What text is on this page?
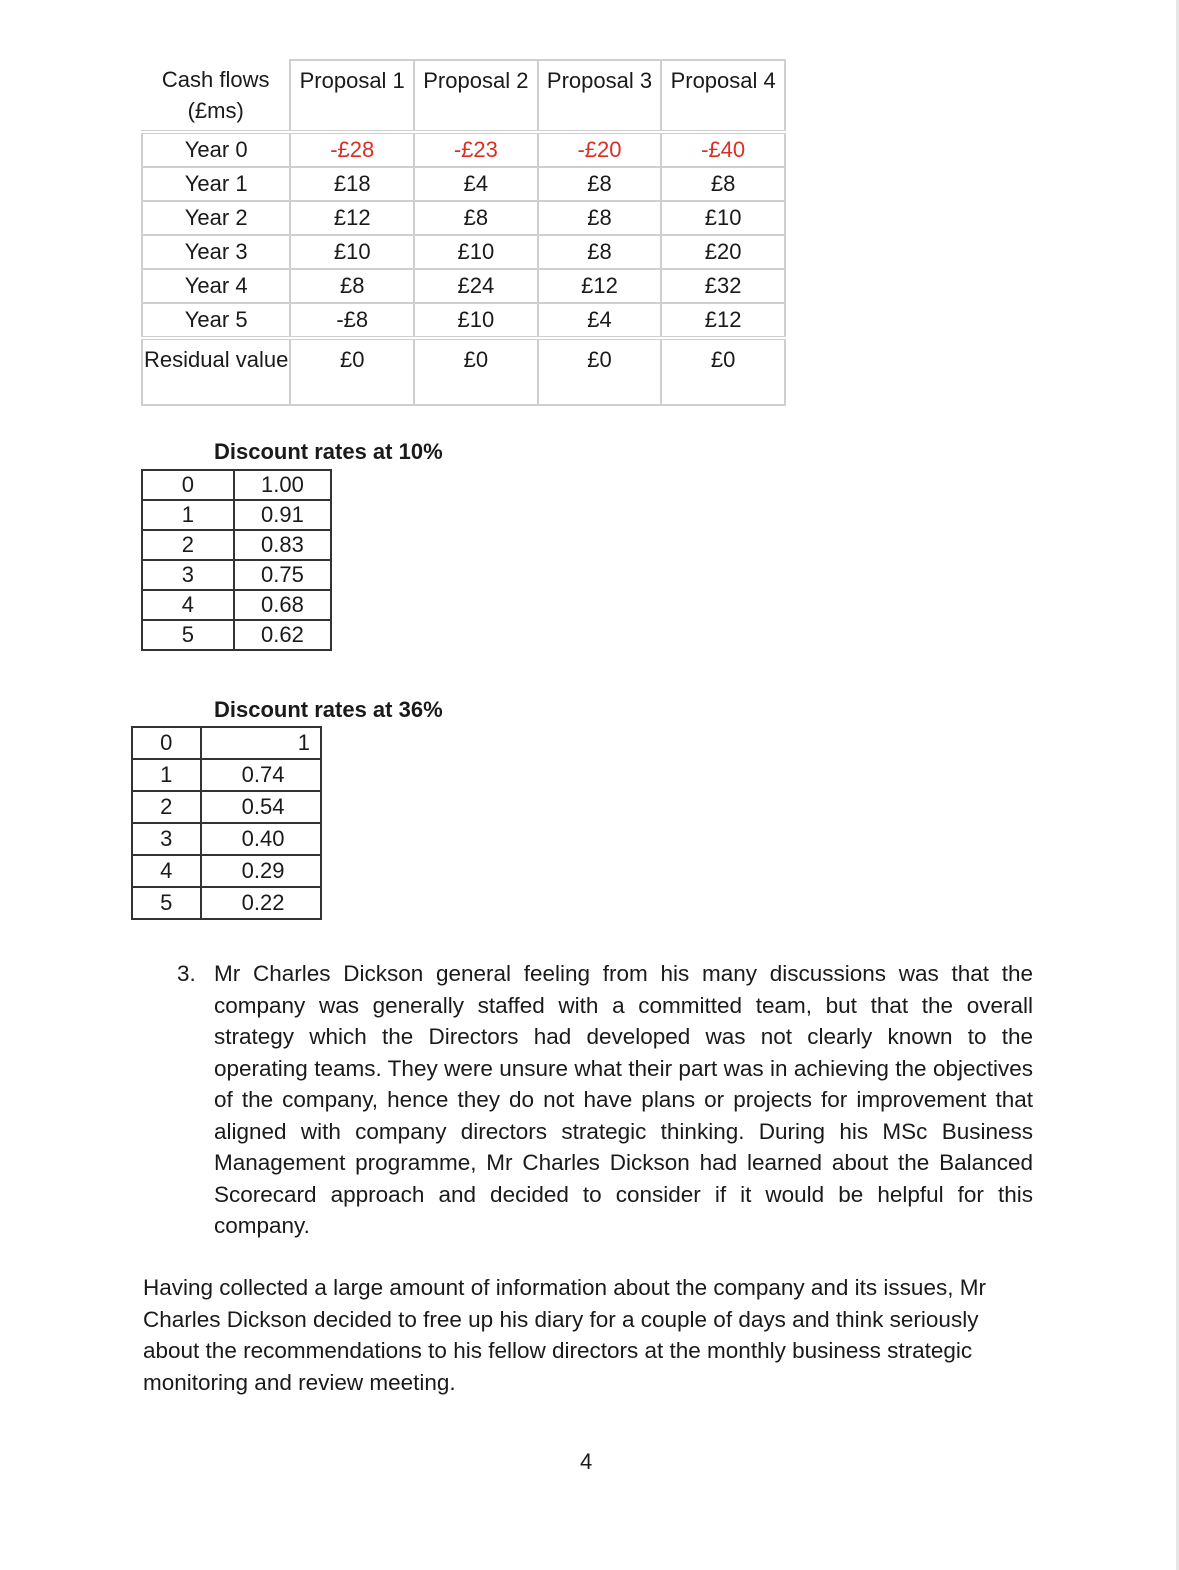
Cash flows (£ms)	Proposal 1	Proposal 2	Proposal 3	Proposal 4
Year 0	-£28	-£23	-£20	-£40
Year 1	£18	£4	£8	£8
Year 2	£12	£8	£8	£10
Year 3	£10	£10	£8	£20
Year 4	£8	£24	£12	£32
Year 5	-£8	£10	£4	£12
Residual value	£0	£0	£0	£0
Discount rates at 10%
0	1.00
1	0.91
2	0.83
3	0.75
4	0.68
5	0.62
Discount rates at 36%
0	1
1	0.74
2	0.54
3	0.40
4	0.29
5	0.22
3. Mr Charles Dickson general feeling from his many discussions was that the company was generally staffed with a committed team, but that the overall strategy which the Directors had developed was not clearly known to the operating teams. They were unsure what their part was in achieving the objectives of the company, hence they do not have plans or projects for improvement that aligned with company directors strategic thinking. During his MSc Business Management programme, Mr Charles Dickson had learned about the Balanced Scorecard approach and decided to consider if it would be helpful for this company.
Having collected a large amount of information about the company and its issues, Mr Charles Dickson decided to free up his diary for a couple of days and think seriously about the recommendations to his fellow directors at the monthly business strategic monitoring and review meeting.
4
